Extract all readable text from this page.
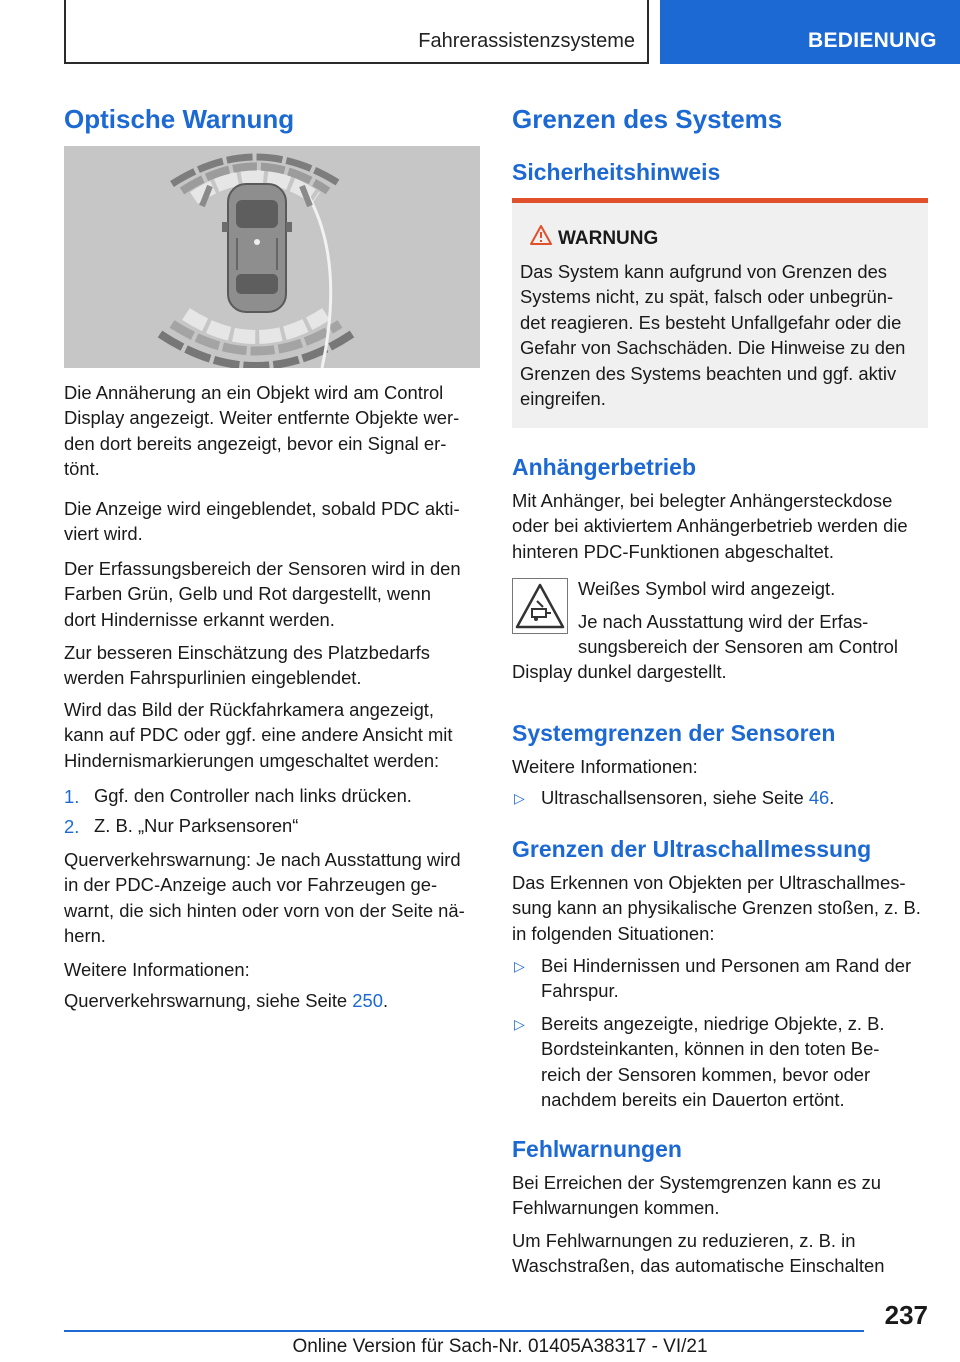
Fahrerassistenzsysteme	BEDIENUNG
Optische Warnung
Die Annäherung an ein Objekt wird am Control
Display angezeigt. Weiter entfernte Objekte wer-
den dort bereits angezeigt, bevor ein Signal er-
tönt.
Die Anzeige wird eingeblendet, sobald PDC akti-
viert wird.
Der Erfassungsbereich der Sensoren wird in den
Farben Grün, Gelb und Rot dargestellt, wenn
dort Hindernisse erkannt werden.
Zur besseren Einschätzung des Platzbedarfs
werden Fahrspurlinien eingeblendet.
Wird das Bild der Rückfahrkamera angezeigt,
kann auf PDC oder ggf. eine andere Ansicht mit
Hindernismarkierungen umgeschaltet werden:
1. Ggf. den Controller nach links drücken.
2. Z. B. „Nur Parksensoren“
Querverkehrswarnung: Je nach Ausstattung wird
in der PDC-Anzeige auch vor Fahrzeugen ge-
warnt, die sich hinten oder vorn von der Seite nä-
hern.
Weitere Informationen:
Querverkehrswarnung, siehe Seite 250.
Grenzen des Systems
Sicherheitshinweis
WARNUNG
Das System kann aufgrund von Grenzen des
Systems nicht, zu spät, falsch oder unbegrün-
det reagieren. Es besteht Unfallgefahr oder die
Gefahr von Sachschäden. Die Hinweise zu den
Grenzen des Systems beachten und ggf. aktiv
eingreifen.
Anhängerbetrieb
Mit Anhänger, bei belegter Anhängersteckdose
oder bei aktiviertem Anhängerbetrieb werden die
hinteren PDC-Funktionen abgeschaltet.
Weißes Symbol wird angezeigt.
Je nach Ausstattung wird der Erfas-
sungsbereich der Sensoren am Control
Display dunkel dargestellt.
Systemgrenzen der Sensoren
Weitere Informationen:
▷ Ultraschallsensoren, siehe Seite 46.
Grenzen der Ultraschallmessung
Das Erkennen von Objekten per Ultraschallmes-
sung kann an physikalische Grenzen stoßen, z. B.
in folgenden Situationen:
▷ Bei Hindernissen und Personen am Rand der
Fahrspur.
▷ Bereits angezeigte, niedrige Objekte, z. B.
Bordsteinkanten, können in den toten Be-
reich der Sensoren kommen, bevor oder
nachdem bereits ein Dauerton ertönt.
Fehlwarnungen
Bei Erreichen der Systemgrenzen kann es zu
Fehlwarnungen kommen.
Um Fehlwarnungen zu reduzieren, z. B. in
Waschstraßen, das automatische Einschalten
237
Online Version für Sach-Nr. 01405A38317 - VI/21
